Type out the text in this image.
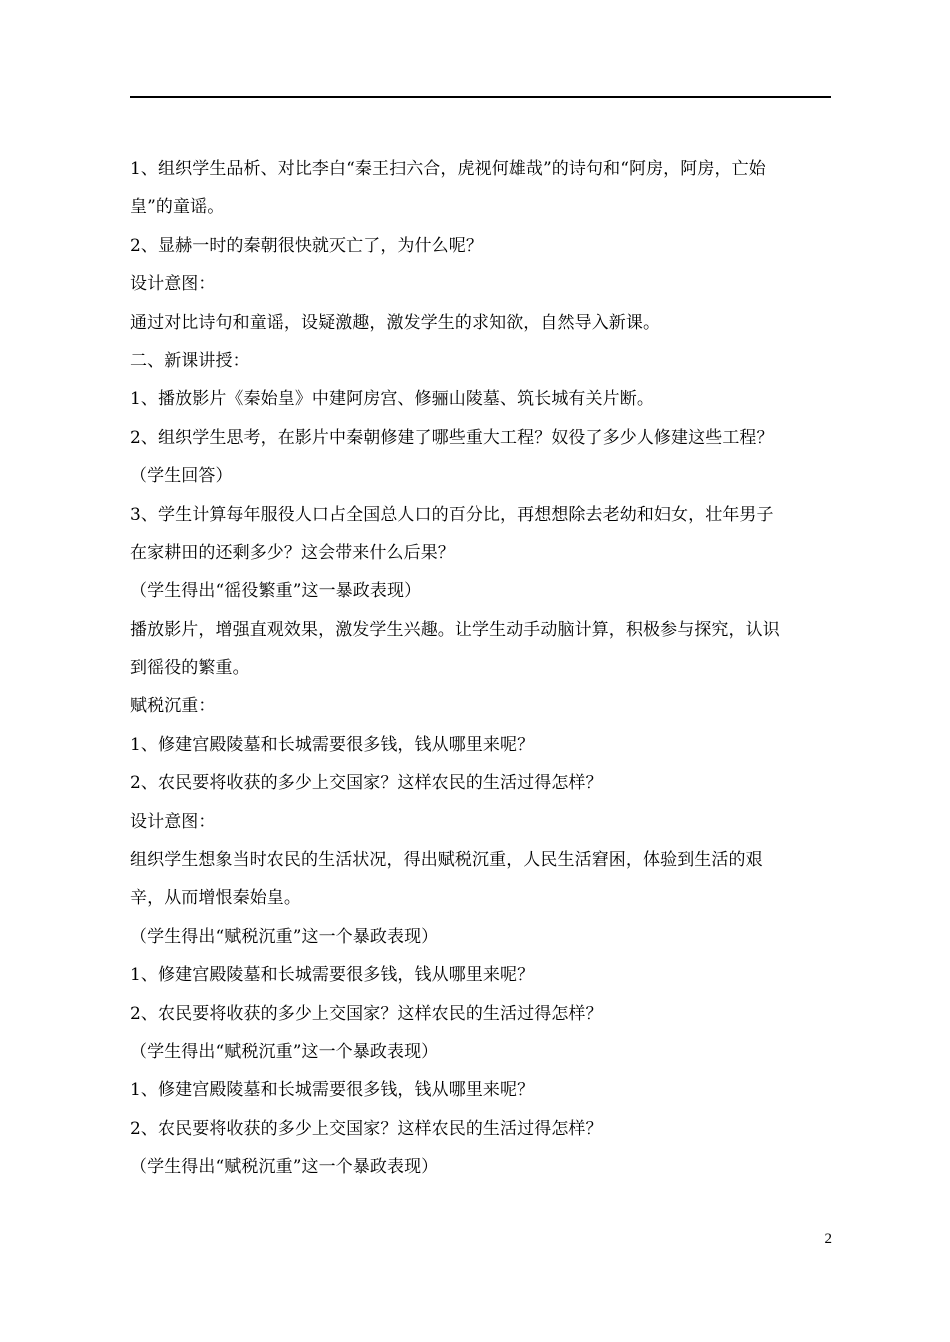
1、组织学生品析、对比李白“秦王扫六合，虎视何雄哉”的诗句和“阿房，阿房，亡始
皇”的童谣。
2、显赫一时的秦朝很快就灭亡了，为什么呢？
设计意图：
通过对比诗句和童谣，设疑激趣，激发学生的求知欲，自然导入新课。
二、新课讲授：
1、播放影片《秦始皇》中建阿房宫、修骊山陵墓、筑长城有关片断。
2、组织学生思考，在影片中秦朝修建了哪些重大工程？奴役了多少人修建这些工程？
（学生回答）
3、学生计算每年服役人口占全国总人口的百分比，再想想除去老幼和妇女，壮年男子
在家耕田的还剩多少？这会带来什么后果？
（学生得出“徭役繁重”这一暴政表现）
播放影片，增强直观效果，激发学生兴趣。让学生动手动脑计算，积极参与探究，认识
到徭役的繁重。
赋税沉重：
1、修建宫殿陵墓和长城需要很多钱，钱从哪里来呢？
2、农民要将收获的多少上交国家？这样农民的生活过得怎样？
设计意图：
组织学生想象当时农民的生活状况，得出赋税沉重，人民生活窘困，体验到生活的艰
辛，从而增恨秦始皇。
（学生得出“赋税沉重”这一个暴政表现）
1、修建宫殿陵墓和长城需要很多钱，钱从哪里来呢？
2、农民要将收获的多少上交国家？这样农民的生活过得怎样？
（学生得出“赋税沉重”这一个暴政表现）
1、修建宫殿陵墓和长城需要很多钱，钱从哪里来呢？
2、农民要将收获的多少上交国家？这样农民的生活过得怎样？
（学生得出“赋税沉重”这一个暴政表现）
2
